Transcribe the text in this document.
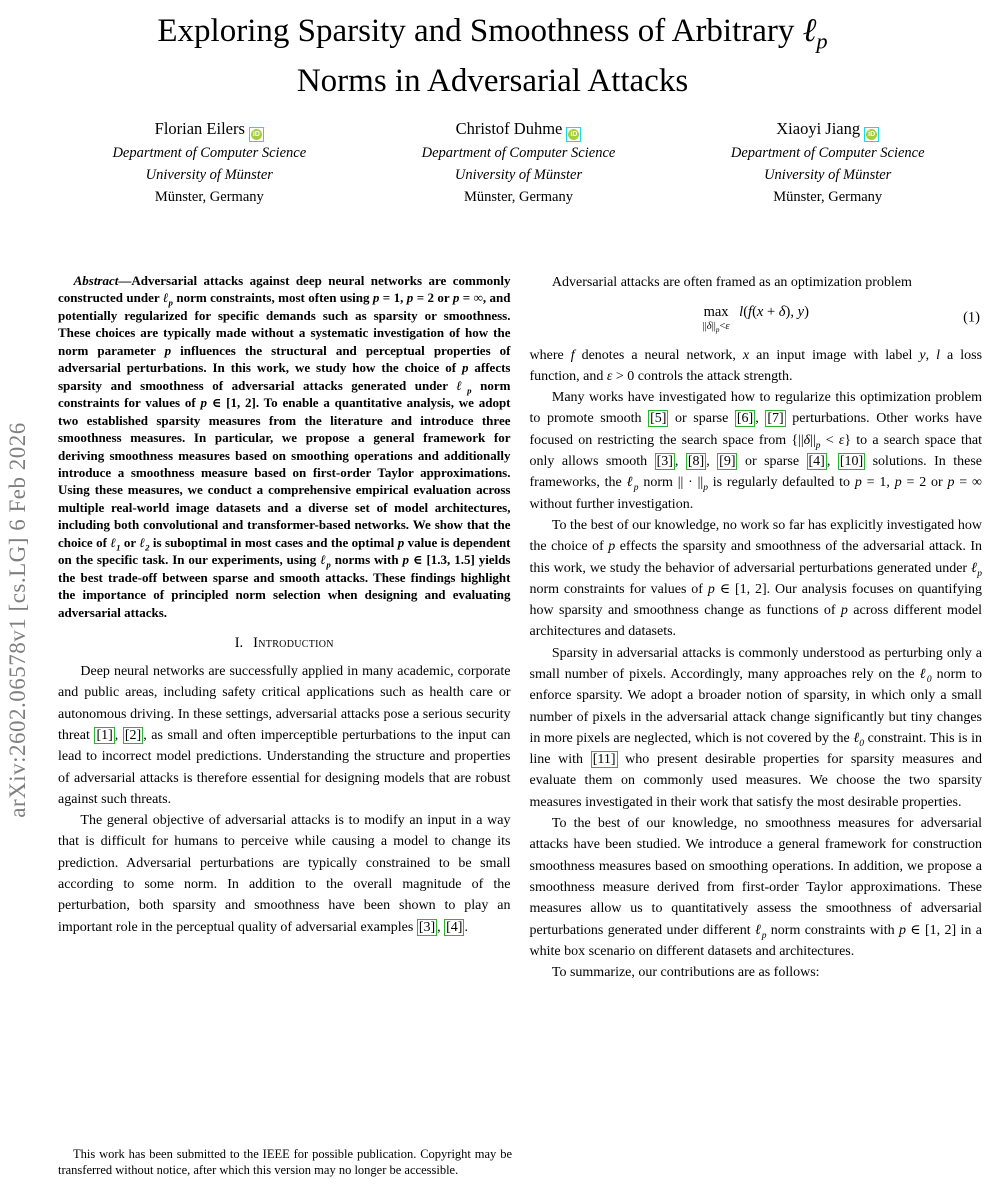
arXiv:2602.06578v1 [cs.LG] 6 Feb 2026
Exploring Sparsity and Smoothness of Arbitrary ℓ$_p$
Norms in Adversarial Attacks
Florian Eilers iD
Department of Computer Science
University of Münster
Münster, Germany
Christof Duhme iD
Department of Computer Science
University of Münster
Münster, Germany
Xiaoyi Jiang iD
Department of Computer Science
University of Münster
Münster, Germany

Abstract—Adversarial attacks against deep neural networks are commonly constructed under ℓ$_p$ norm constraints, most often using p = 1, p = 2 or p = ∞, and potentially regularized for specific demands such as sparsity or smoothness. These choices are typically made without a systematic investigation of how the norm parameter p influences the structural and perceptual properties of adversarial perturbations. In this work, we study how the choice of p affects sparsity and smoothness of adversarial attacks generated under ℓ$_p$ norm constraints for values of p ∈ [1, 2]. To enable a quantitative analysis, we adopt two established sparsity measures from the literature and introduce three smoothness measures. In particular, we propose a general framework for deriving smoothness measures based on smoothing operations and additionally introduce a smoothness measure based on first-order Taylor approximations. Using these measures, we conduct a comprehensive empirical evaluation across multiple real-world image datasets and a diverse set of model architectures, including both convolutional and transformer-based networks. We show that the choice of ℓ$_1$ or ℓ$_2$ is suboptimal in most cases and the optimal p value is dependent on the specific task. In our experiments, using ℓ$_p$ norms with p ∈ [1.3, 1.5] yields the best trade-off between sparse and smooth attacks. These findings highlight the importance of principled norm selection when designing and evaluating adversarial attacks.

I. Introduction

Deep neural networks are successfully applied in many academic, corporate and public areas, including safety critical applications such as health care or autonomous driving. In these settings, adversarial attacks pose a serious security threat [1] , [2] , as small and often imperceptible perturbations to the input can lead to incorrect model predictions. Understanding the structure and properties of adversarial attacks is therefore essential for designing models that are robust against such threats.

The general objective of adversarial attacks is to modify an input in a way that is difficult for humans to perceive while causing a model to change its prediction. Adversarial perturbations are typically constrained to be small according to some norm. In addition to the overall magnitude of the perturbation, both sparsity and smoothness have been shown to play an important role in the perceptual quality of adversarial examples [3] , [4] .

Adversarial attacks are often framed as an optimization problem

max
$||\delta||_p<\varepsilon$
l(f(x + δ), y)	(1)

where f denotes a neural network, x an input image with label y, l a loss function, and ε > 0 controls the attack strength.

Many works have investigated how to regularize this optimization problem to promote smooth [5] or sparse [6] , [7] perturbations. Other works have focused on restricting the search space from $\{||\delta||_p < \varepsilon\}$ to a search space that only allows smooth [3] , [8] , [9] or sparse [4] , [10] solutions. In these frameworks, the ℓ$_p$ norm || · $||_p$ is regularly defaulted to p = 1, p = 2 or p = ∞ without further investigation.

To the best of our knowledge, no work so far has explicitly investigated how the choice of p effects the sparsity and smoothness of the adversarial attack. In this work, we study the behavior of adversarial perturbations generated under ℓ$_p$ norm constraints for values of p ∈ [1, 2]. Our analysis focuses on quantifying how sparsity and smoothness change as functions of p across different model architectures and datasets.

Sparsity in adversarial attacks is commonly understood as perturbing only a small number of pixels. Accordingly, many approaches rely on the ℓ$_0$ norm to enforce sparsity. We adopt a broader notion of sparsity, in which only a small number of pixels in the adversarial attack change significantly but tiny changes in more pixels are neglected, which is not covered by the ℓ$_0$ constraint. This is in line with [11] who present desirable properties for sparsity measures and evaluate them on commonly used measures. We choose the two sparsity measures investigated in their work that satisfy the most desirable properties.

To the best of our knowledge, no smoothness measures for adversarial attacks have been studied. We introduce a general framework for construction smoothness measures based on smoothing operations. In addition, we propose a smoothness measure derived from first-order Taylor approximations. These measures allow us to quantitatively assess the smoothness of adversarial perturbations generated under different ℓ$_p$ norm constraints with p ∈ [1, 2] in a white box scenario on different datasets and architectures.

To summarize, our contributions are as follows:

This work has been submitted to the IEEE for possible publication. Copyright may be transferred without notice, after which this version may no longer be accessible.
